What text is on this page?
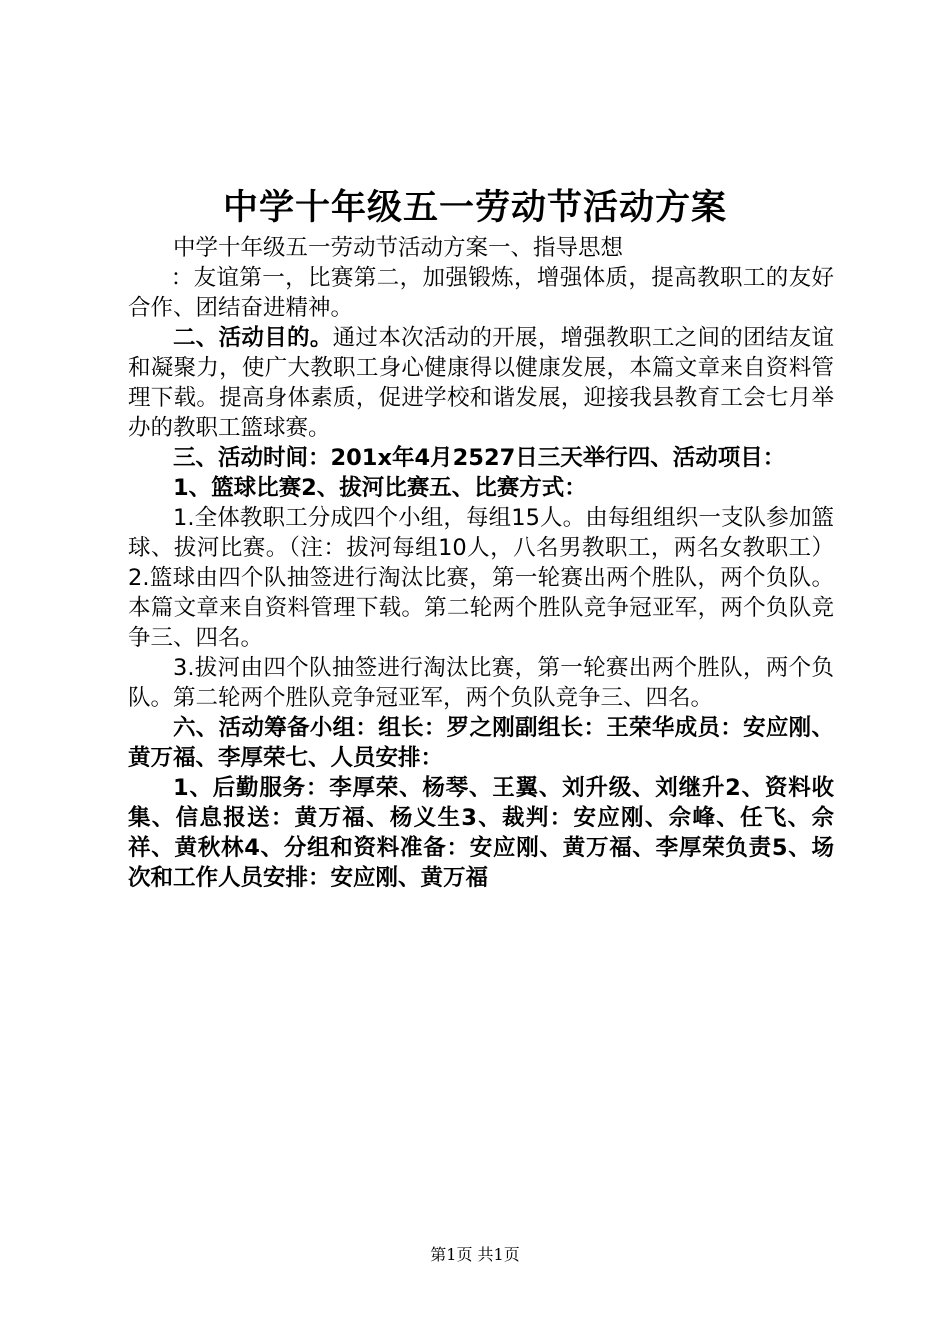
中学十年级五一劳动节活动方案

中学十年级五一劳动节活动方案一、指导思想

：友谊第一，比赛第二，加强锻炼，增强体质，提高教职工的友好合作、团结奋进精神。

二、活动目的。通过本次活动的开展，增强教职工之间的团结友谊和凝聚力，使广大教职工身心健康得以健康发展，本篇文章来自资料管理下载。提高身体素质，促进学校和谐发展，迎接我县教育工会七月举办的教职工篮球赛。

三、活动时间：201x年4月2527日三天举行四、活动项目：

1、篮球比赛2、拔河比赛五、比赛方式：

1.全体教职工分成四个小组，每组15人。由每组组织一支队参加篮球、拔河比赛。（注：拔河每组10人，八名男教职工，两名女教职工）2.篮球由四个队抽签进行淘汰比赛，第一轮赛出两个胜队，两个负队。本篇文章来自资料管理下载。第二轮两个胜队竞争冠亚军，两个负队竞争三、四名。

3.拔河由四个队抽签进行淘汰比赛，第一轮赛出两个胜队，两个负队。第二轮两个胜队竞争冠亚军，两个负队竞争三、四名。

六、活动筹备小组：组长：罗之刚副组长：王荣华成员：安应刚、黄万福、李厚荣七、人员安排：

1、后勤服务：李厚荣、杨琴、王翼、刘升级、刘继升2、资料收集、信息报送：黄万福、杨义生3、裁判：安应刚、佘峰、任飞、佘祥、黄秋林4、分组和资料准备：安应刚、黄万福、李厚荣负责5、场次和工作人员安排：安应刚、黄万福

第1页 共1页
